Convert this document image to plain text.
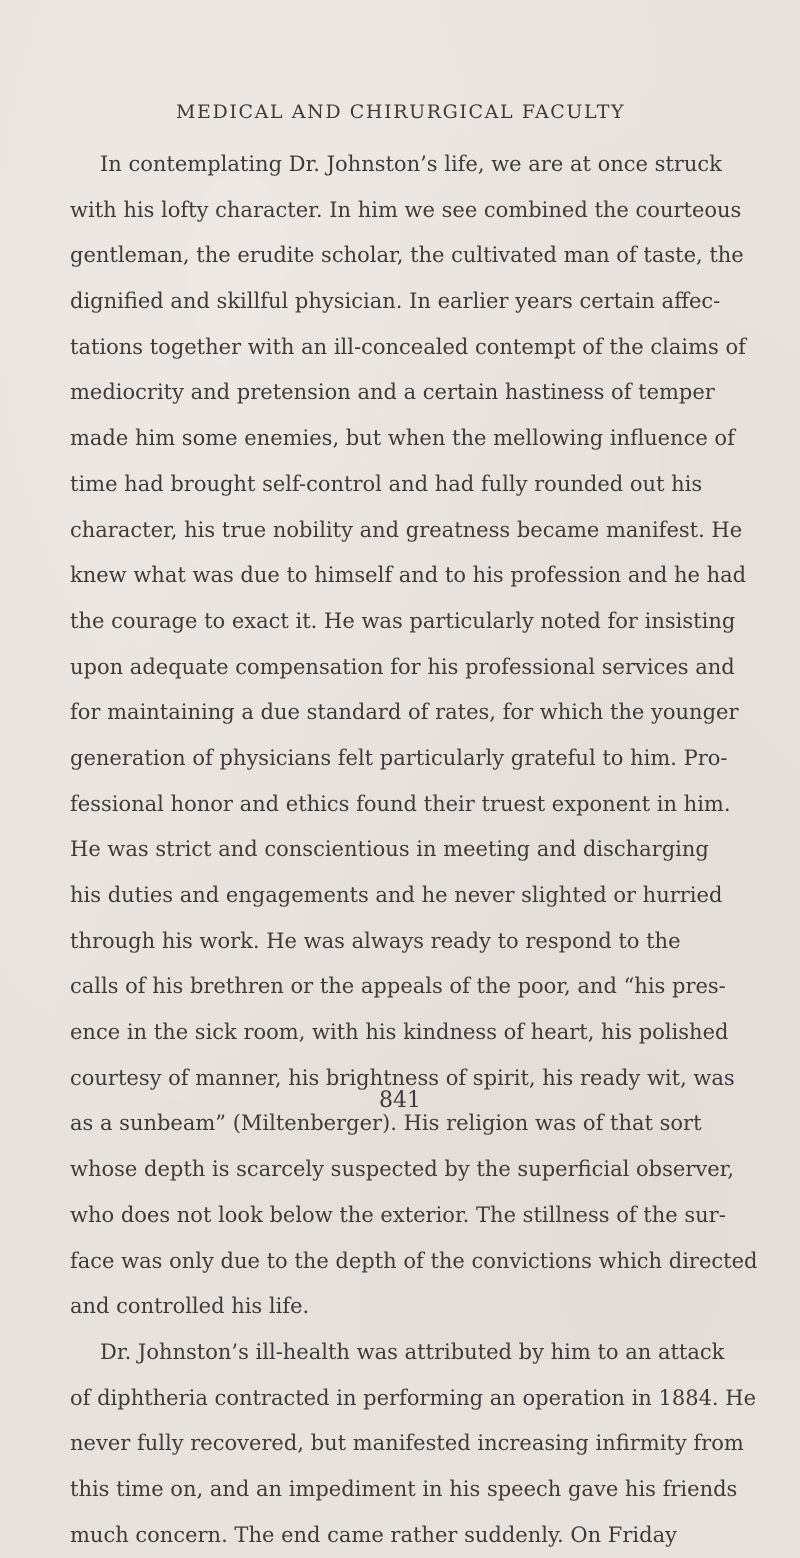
MEDICAL AND CHIRURGICAL FACULTY
In contemplating Dr. Johnston’s life, we are at once struck
with his lofty character. In him we see combined the courteous
gentleman, the erudite scholar, the cultivated man of taste, the
dignified and skillful physician. In earlier years certain affec-
tations together with an ill-concealed contempt of the claims of
mediocrity and pretension and a certain hastiness of temper
made him some enemies, but when the mellowing influence of
time had brought self-control and had fully rounded out his
character, his true nobility and greatness became manifest. He
knew what was due to himself and to his profession and he had
the courage to exact it. He was particularly noted for insisting
upon adequate compensation for his professional services and
for maintaining a due standard of rates, for which the younger
generation of physicians felt particularly grateful to him. Pro-
fessional honor and ethics found their truest exponent in him.
He was strict and conscientious in meeting and discharging
his duties and engagements and he never slighted or hurried
through his work. He was always ready to respond to the
calls of his brethren or the appeals of the poor, and “his pres-
ence in the sick room, with his kindness of heart, his polished
courtesy of manner, his brightness of spirit, his ready wit, was
as a sunbeam” (Miltenberger). His religion was of that sort
whose depth is scarcely suspected by the superficial observer,
who does not look below the exterior. The stillness of the sur-
face was only due to the depth of the convictions which directed
and controlled his life.
Dr. Johnston’s ill-health was attributed by him to an attack
of diphtheria contracted in performing an operation in 1884. He
never fully recovered, but manifested increasing infirmity from
this time on, and an impediment in his speech gave his friends
much concern. The end came rather suddenly. On Friday
841
